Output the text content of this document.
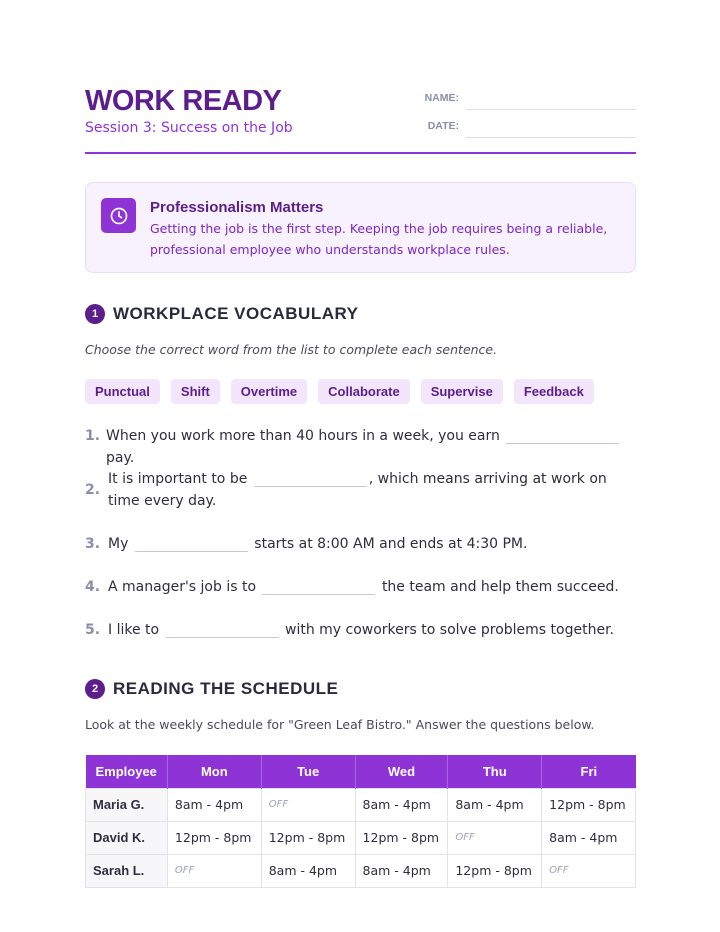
WORK READY
Session 3: Success on the Job
NAME:
DATE:
Professionalism Matters
Getting the job is the first step. Keeping the job requires being a reliable, professional employee who understands workplace rules.
1 WORKPLACE VOCABULARY
Choose the correct word from the list to complete each sentence.
Punctual	Shift	Overtime	Collaborate	Supervise	Feedback
1. When you work more than 40 hours in a week, you earn  pay.
2.
It is important to be	, which means arriving at work on time every day.
3. My	starts at 8:00 AM and ends at 4:30 PM.
4. A manager's job is to	the team and help them succeed.
5. I like to	with my coworkers to solve problems together.
2 READING THE SCHEDULE
Look at the weekly schedule for "Green Leaf Bistro." Answer the questions below.
Employee	Mon	Tue	Wed	Thu	Fri
Maria G.	8am - 4pm	OFF	8am - 4pm	8am - 4pm	12pm - 8pm
David K.	12pm - 8pm	12pm - 8pm	12pm - 8pm	OFF	8am - 4pm
Sarah L.	OFF	8am - 4pm	8am - 4pm	12pm - 8pm	OFF
